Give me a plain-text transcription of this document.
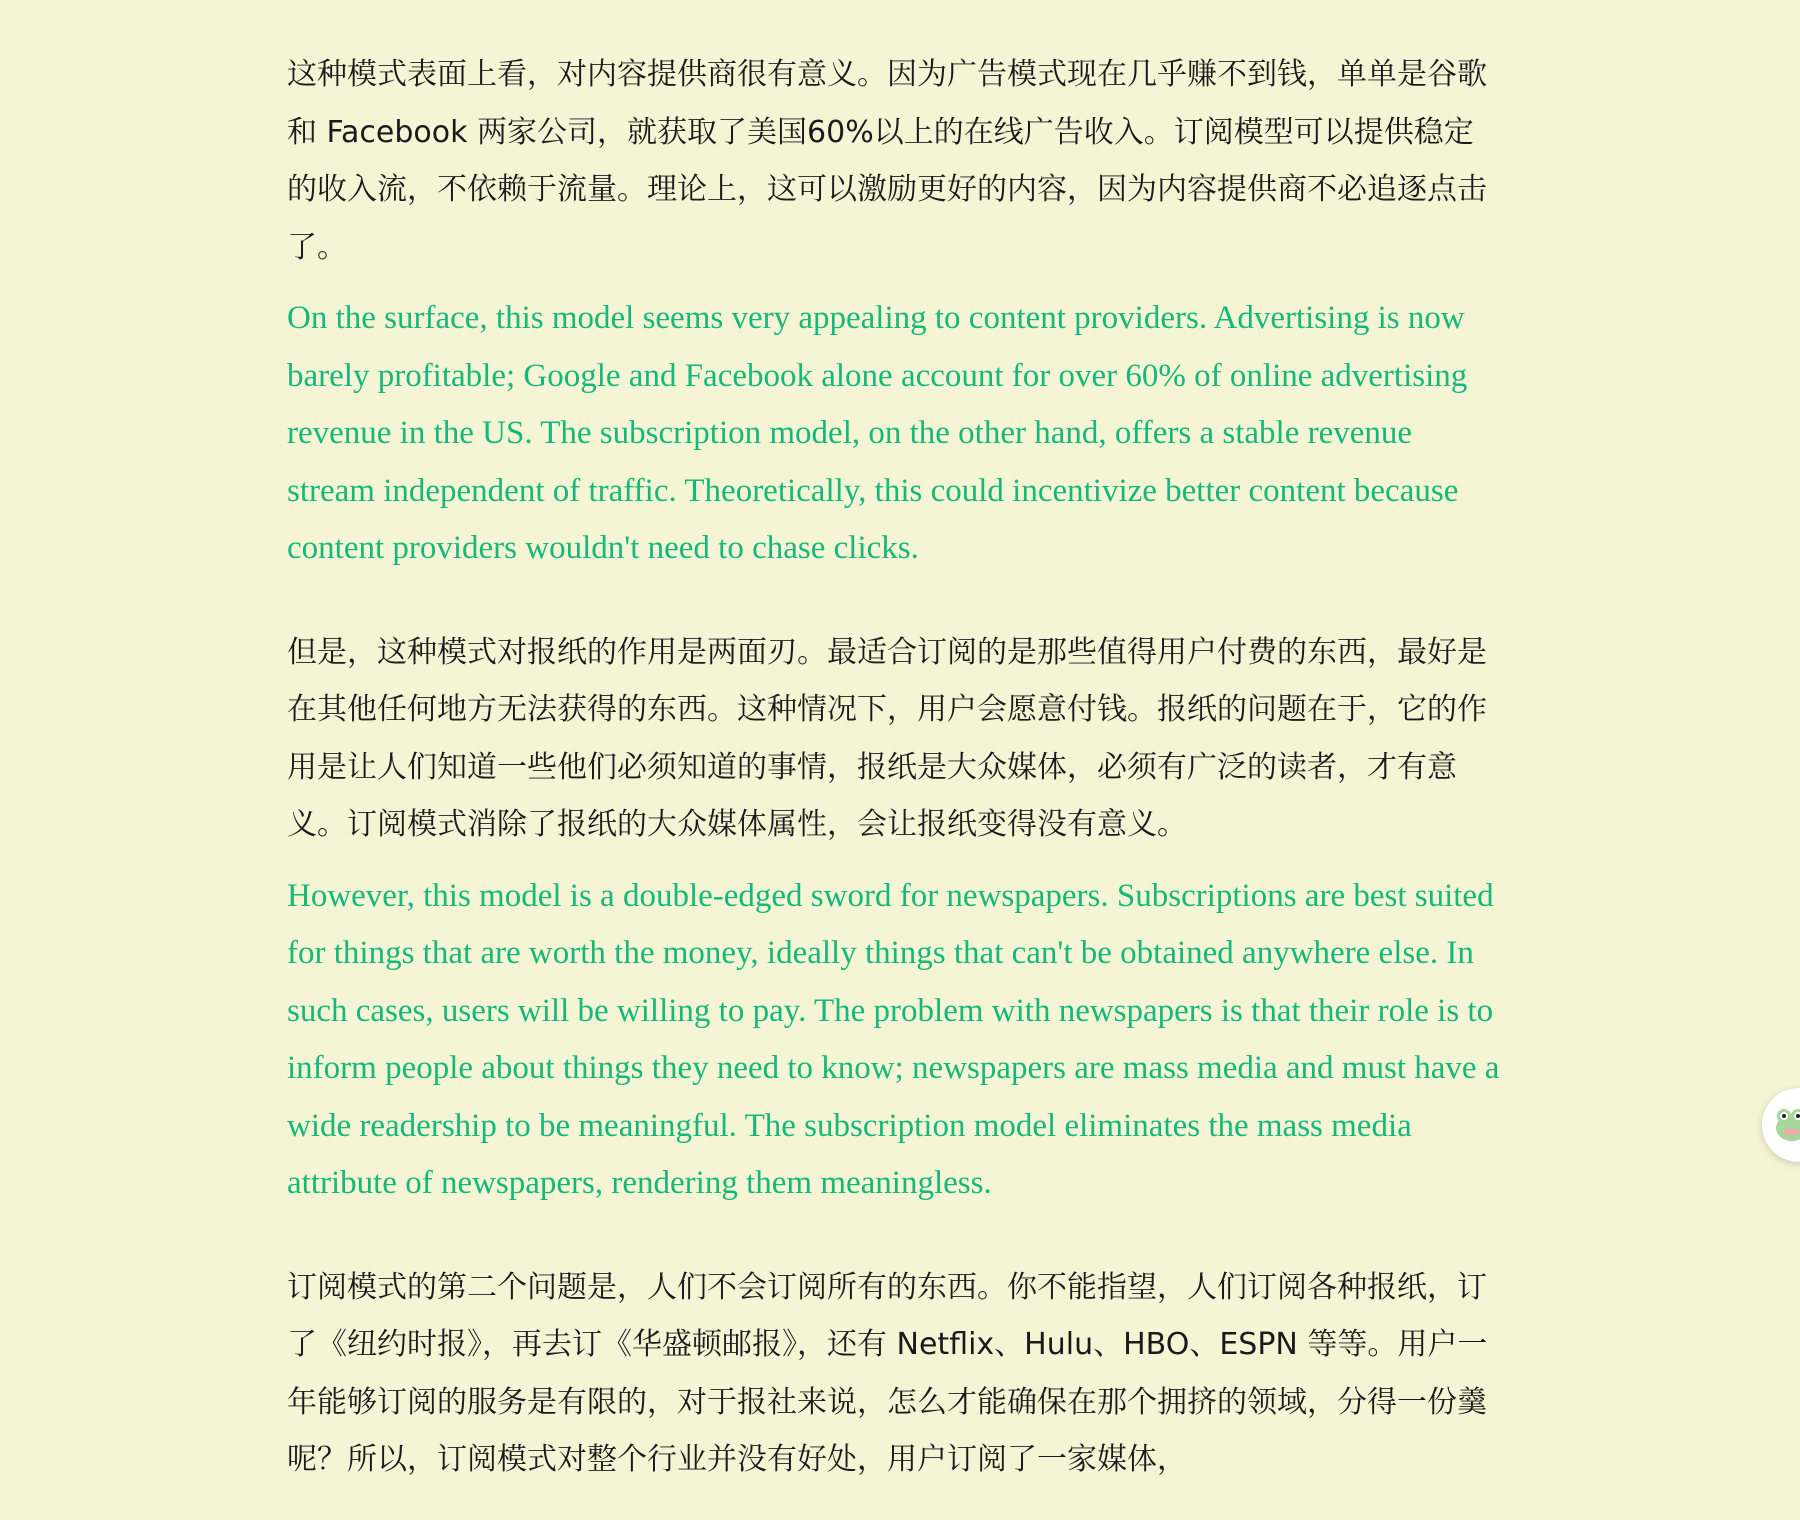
这种模式表面上看，对内容提供商很有意义。因为广告模式现在几乎赚不到钱，单单是谷歌和 Facebook 两家公司，就获取了美国60%以上的在线广告收入。订阅模型可以提供稳定的收入流，不依赖于流量。理论上，这可以激励更好的内容，因为内容提供商不必追逐点击了。

On the surface, this model seems very appealing to content providers. Advertising is now barely profitable; Google and Facebook alone account for over 60% of online advertising revenue in the US. The subscription model, on the other hand, offers a stable revenue stream independent of traffic. Theoretically, this could incentivize better content because content providers wouldn't need to chase clicks.

但是，这种模式对报纸的作用是两面刃。最适合订阅的是那些值得用户付费的东西，最好是在其他任何地方无法获得的东西。这种情况下，用户会愿意付钱。报纸的问题在于，它的作用是让人们知道一些他们必须知道的事情，报纸是大众媒体，必须有广泛的读者，才有意义。订阅模式消除了报纸的大众媒体属性，会让报纸变得没有意义。

However, this model is a double-edged sword for newspapers. Subscriptions are best suited for things that are worth the money, ideally things that can't be obtained anywhere else. In such cases, users will be willing to pay. The problem with newspapers is that their role is to inform people about things they need to know; newspapers are mass media and must have a wide readership to be meaningful. The subscription model eliminates the mass media attribute of newspapers, rendering them meaningless.

订阅模式的第二个问题是，人们不会订阅所有的东西。你不能指望，人们订阅各种报纸，订了《纽约时报》，再去订《华盛顿邮报》，还有 Netflix、Hulu、HBO、ESPN 等等。用户一年能够订阅的服务是有限的，对于报社来说，怎么才能确保在那个拥挤的领域，分得一份羹呢？所以，订阅模式对整个行业并没有好处，用户订阅了一家媒体，
